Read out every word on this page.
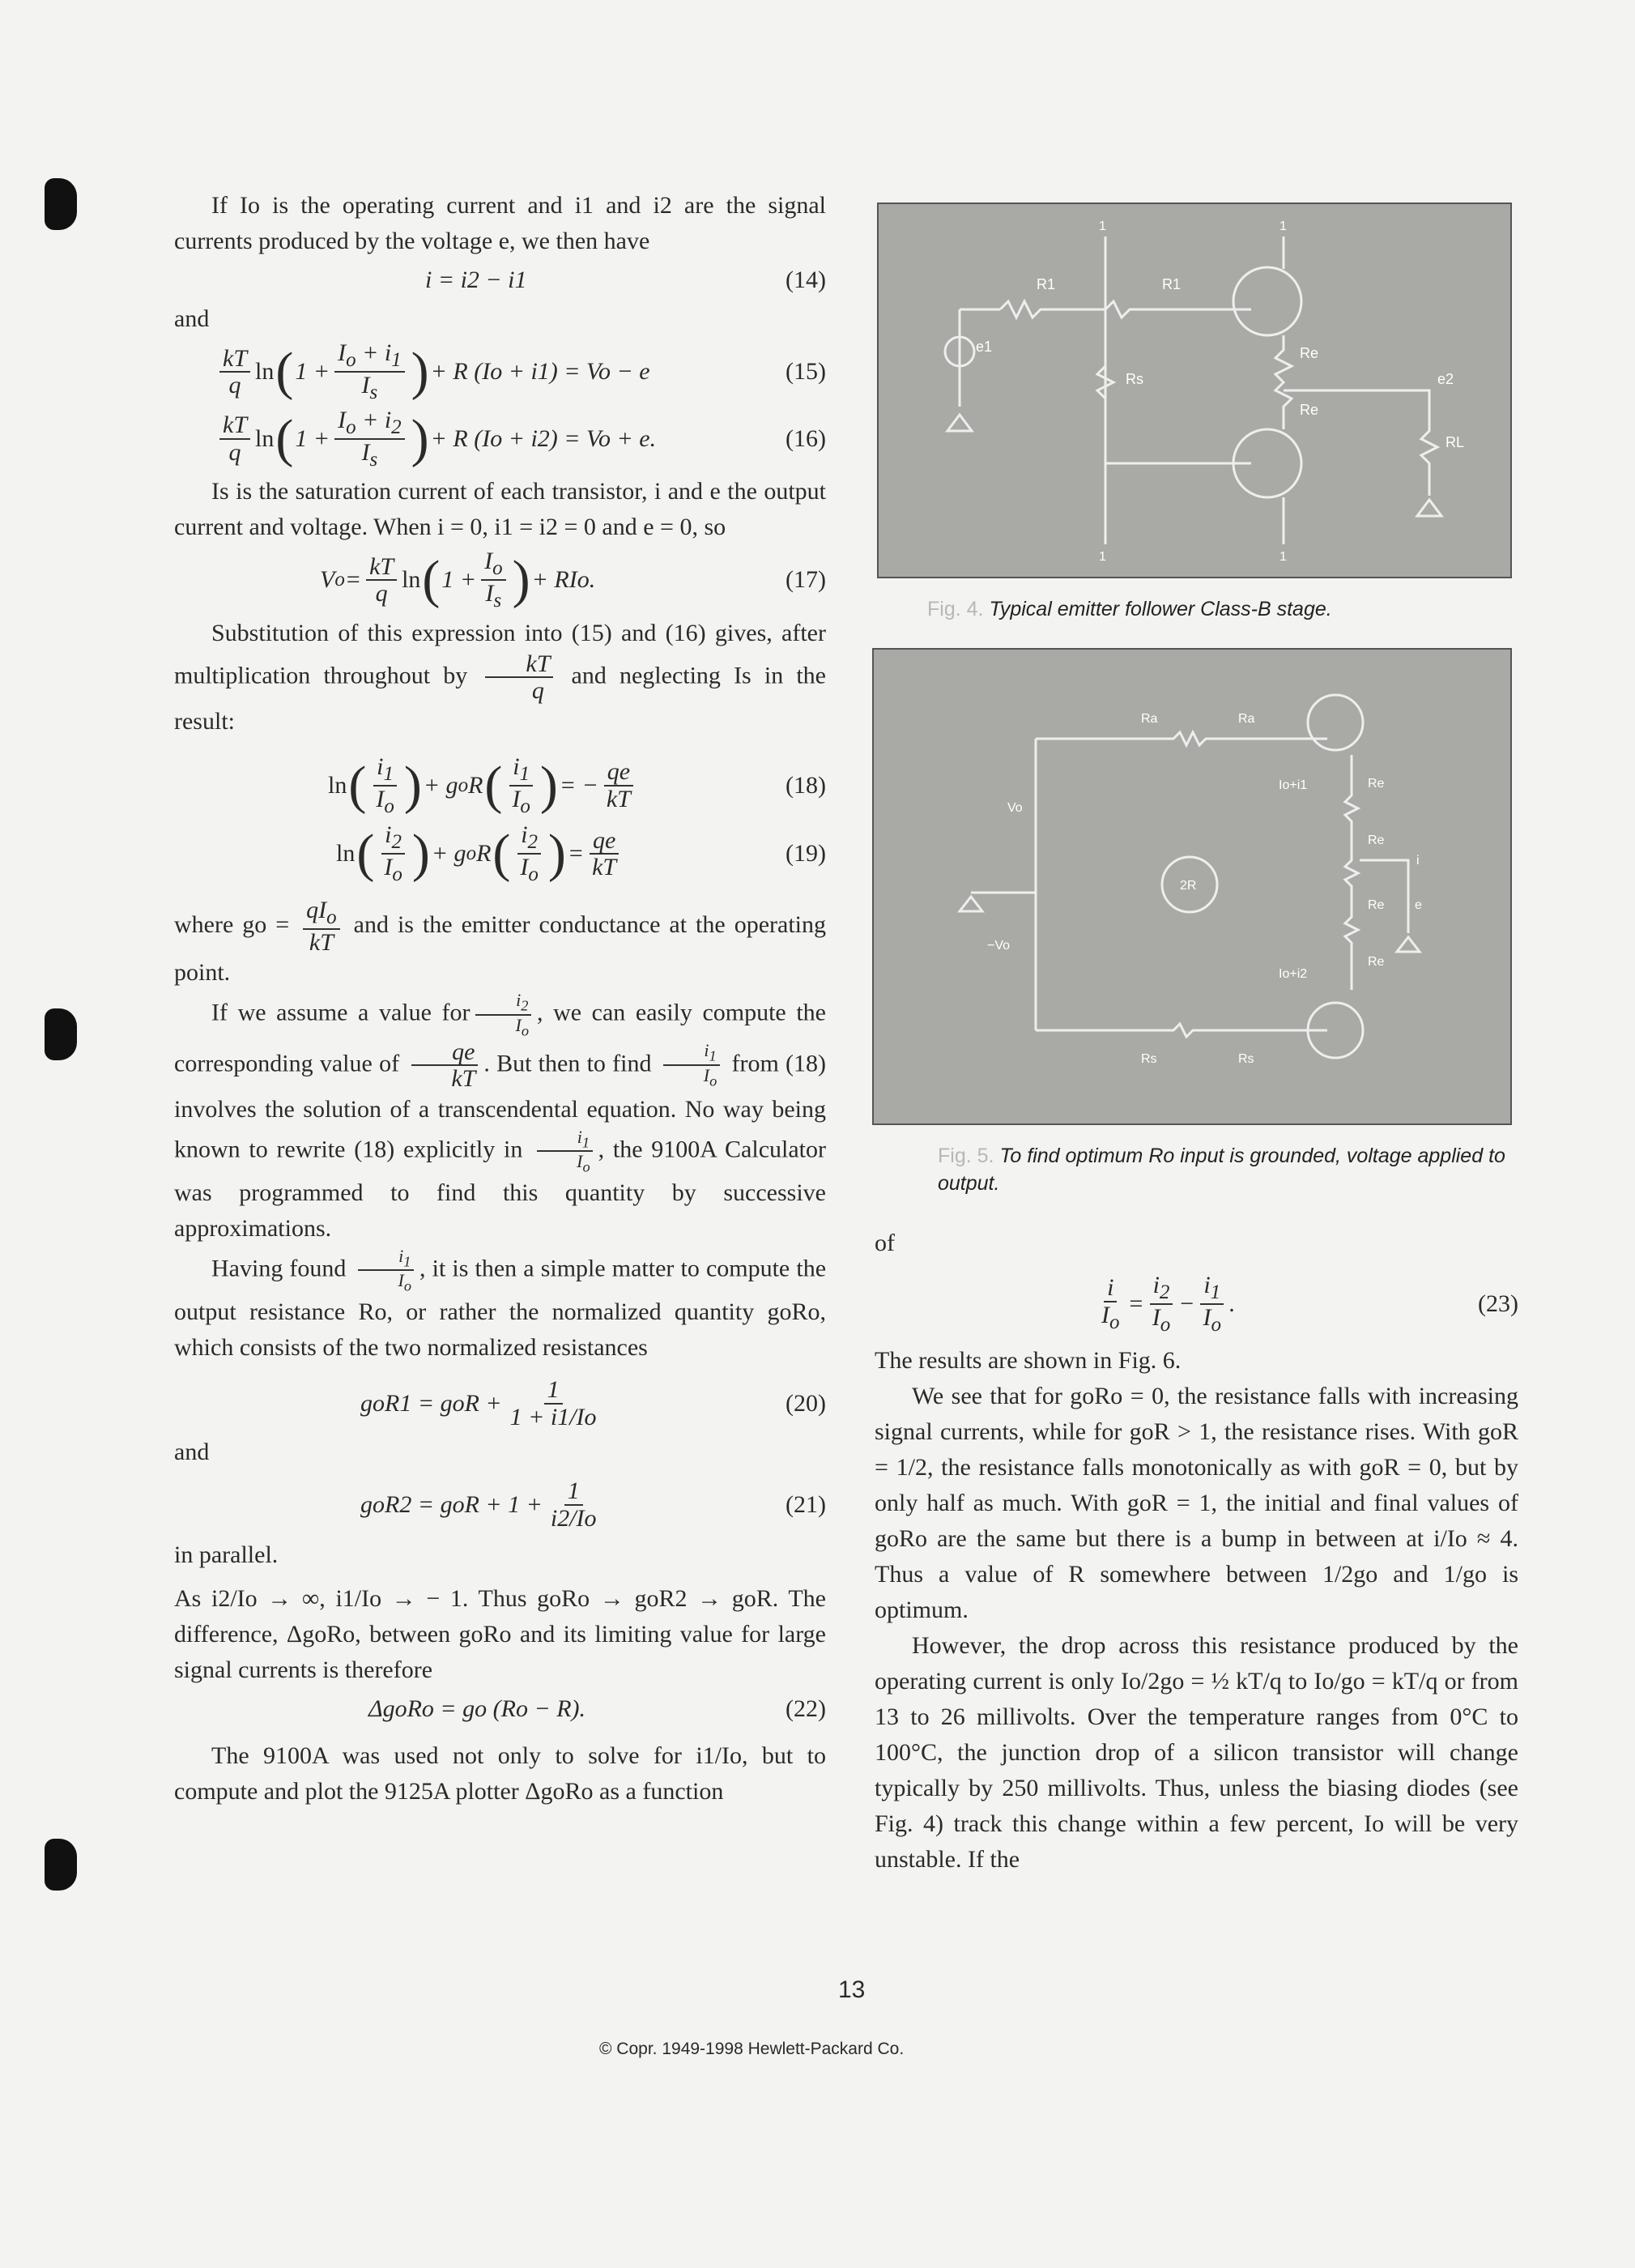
If Io is the operating current and i1 and i2 are the signal currents produced by the voltage e, we then have

i = i2 − i1	(14)

and

$\frac{kT}{q}$ ln ( $1 + \frac{I_o + i_1}{I_s}$ ) + R (Io + i1) = Vo − e	(15)
$\frac{kT}{q}$ ln ( $1 + \frac{I_o + i_2}{I_s}$ ) + R (Io + i2) = Vo + e.	(16)

Is is the saturation current of each transistor, i and e the output current and voltage. When i = 0, i1 = i2 = 0 and e = 0, so

V $o = \frac{kT}{q}$ ln ( $1 + \frac{I_o}{I_s}$ ) + RIo.	(17)

Substitution of this expression into (15) and (16) gives, after multiplication throughout by $\frac{kT}{q}$ and neglecting Is in the result:

ln ( $\frac{i_1}{I_o}$ ) + g o R ( $\frac{i_1}{I_o}$ ) = − $\frac{qe}{kT}$	(18)
ln ( $\frac{i_2}{I_o}$ ) + g o R ( $\frac{i_2}{I_o}$ ) = $\frac{qe}{kT}$	(19)

where go = $\frac{qI_o}{kT}$ and is the emitter conductance at the operating point.

If we assume a value for $\frac{i_2}{I_o}$ , we can easily compute the corresponding value of $\frac{qe}{kT}$ . But then to find $\frac{i_1}{I_o}$ from (18) involves the solution of a transcendental equation. No way being known to rewrite (18) explicitly in $\frac{i_1}{I_o}$ , the 9100A Calculator was programmed to find this quantity by successive approximations.

Having found $\frac{i_1}{I_o}$ , it is then a simple matter to compute the output resistance Ro, or rather the normalized quantity goRo, which consists of the two normalized resistances

goR1 = goR + $\frac{1}{1 + i1/Io}$	(20)

and

goR2 = goR + $1 + \frac{1}{i2/Io}$	(21)

in parallel.

As i2/Io → ∞, i1/Io → − 1. Thus goRo → goR2 → goR. The difference, ΔgoRo, between goRo and its limiting value for large signal currents is therefore

ΔgoRo = go (Ro − R).	(22)

The 9100A was used not only to solve for i1/Io, but to compute and plot the 9125A plotter ΔgoRo as a function

R1	R1
e1
Rs
Re
Re
e2
RL
1	1
1	1
Fig. 4. Typical emitter follower Class-B stage.
Ra	Ra
Vo
−Vo
2R
Io+i1
Io+i2
Re
Re
Re
Re
i
e
Rs	Rs
Fig. 5. To find optimum Ro input is grounded, voltage applied to output.

of

$\frac{i}{I_o} = \frac{i_2}{I_o} - \frac{i_1}{I_o}$ .	(23)

The results are shown in Fig. 6.

We see that for goRo = 0, the resistance falls with increasing signal currents, while for goR > 1, the resistance rises. With goR = 1/2, the resistance falls monotonically as with goR = 0, but by only half as much. With goR = 1, the initial and final values of goRo are the same but there is a bump in between at i/Io ≈ 4. Thus a value of R somewhere between 1/2go and 1/go is optimum.

However, the drop across this resistance produced by the operating current is only Io/2go = ½ kT/q to Io/go = kT/q or from 13 to 26 millivolts. Over the temperature ranges from 0°C to 100°C, the junction drop of a silicon transistor will change typically by 250 millivolts. Thus, unless the biasing diodes (see Fig. 4) track this change within a few percent, Io will be very unstable. If the

13
© Copr. 1949-1998 Hewlett-Packard Co.
